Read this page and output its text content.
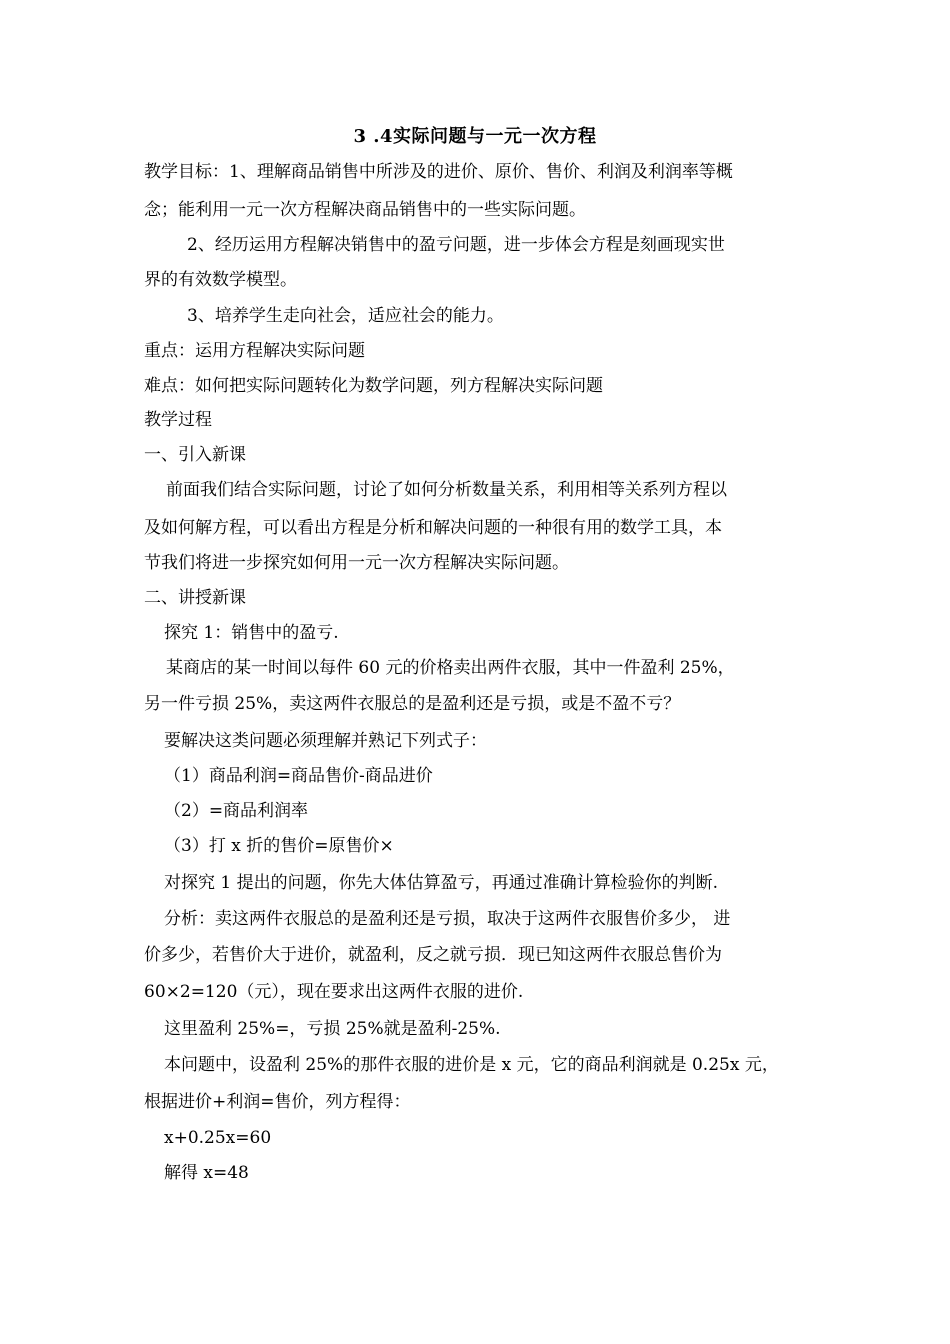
3 .4实际问题与一元一次方程
教学目标：1、理解商品销售中所涉及的进价、原价、售价、利润及利润率等概
念；能利用一元一次方程解决商品销售中的一些实际问题。
2、经历运用方程解决销售中的盈亏问题，进一步体会方程是刻画现实世
界的有效数学模型。
3、培养学生走向社会，适应社会的能力。
重点：运用方程解决实际问题
难点：如何把实际问题转化为数学问题，列方程解决实际问题
教学过程
一、引入新课
前面我们结合实际问题，讨论了如何分析数量关系，利用相等关系列方程以
及如何解方程，可以看出方程是分析和解决问题的一种很有用的数学工具，本
节我们将进一步探究如何用一元一次方程解决实际问题。
二、讲授新课
探究 1：销售中的盈亏.
某商店的某一时间以每件 60 元的价格卖出两件衣服，其中一件盈利 25%，
另一件亏损 25%，卖这两件衣服总的是盈利还是亏损，或是不盈不亏？
要解决这类问题必须理解并熟记下列式子：
（1）商品利润=商品售价-商品进价
（2）=商品利润率
（3）打 x 折的售价=原售价×
对探究 1 提出的问题，你先大体估算盈亏，再通过准确计算检验你的判断.
分析：卖这两件衣服总的是盈利还是亏损，取决于这两件衣服售价多少， 进
价多少，若售价大于进价，就盈利，反之就亏损．现已知这两件衣服总售价为
60×2=120（元），现在要求出这两件衣服的进价.
这里盈利 25%=，亏损 25%就是盈利-25%.
本问题中，设盈利 25%的那件衣服的进价是 x 元，它的商品利润就是 0.25x 元，
根据进价+利润=售价，列方程得：
x+0.25x=60
解得 x=48
